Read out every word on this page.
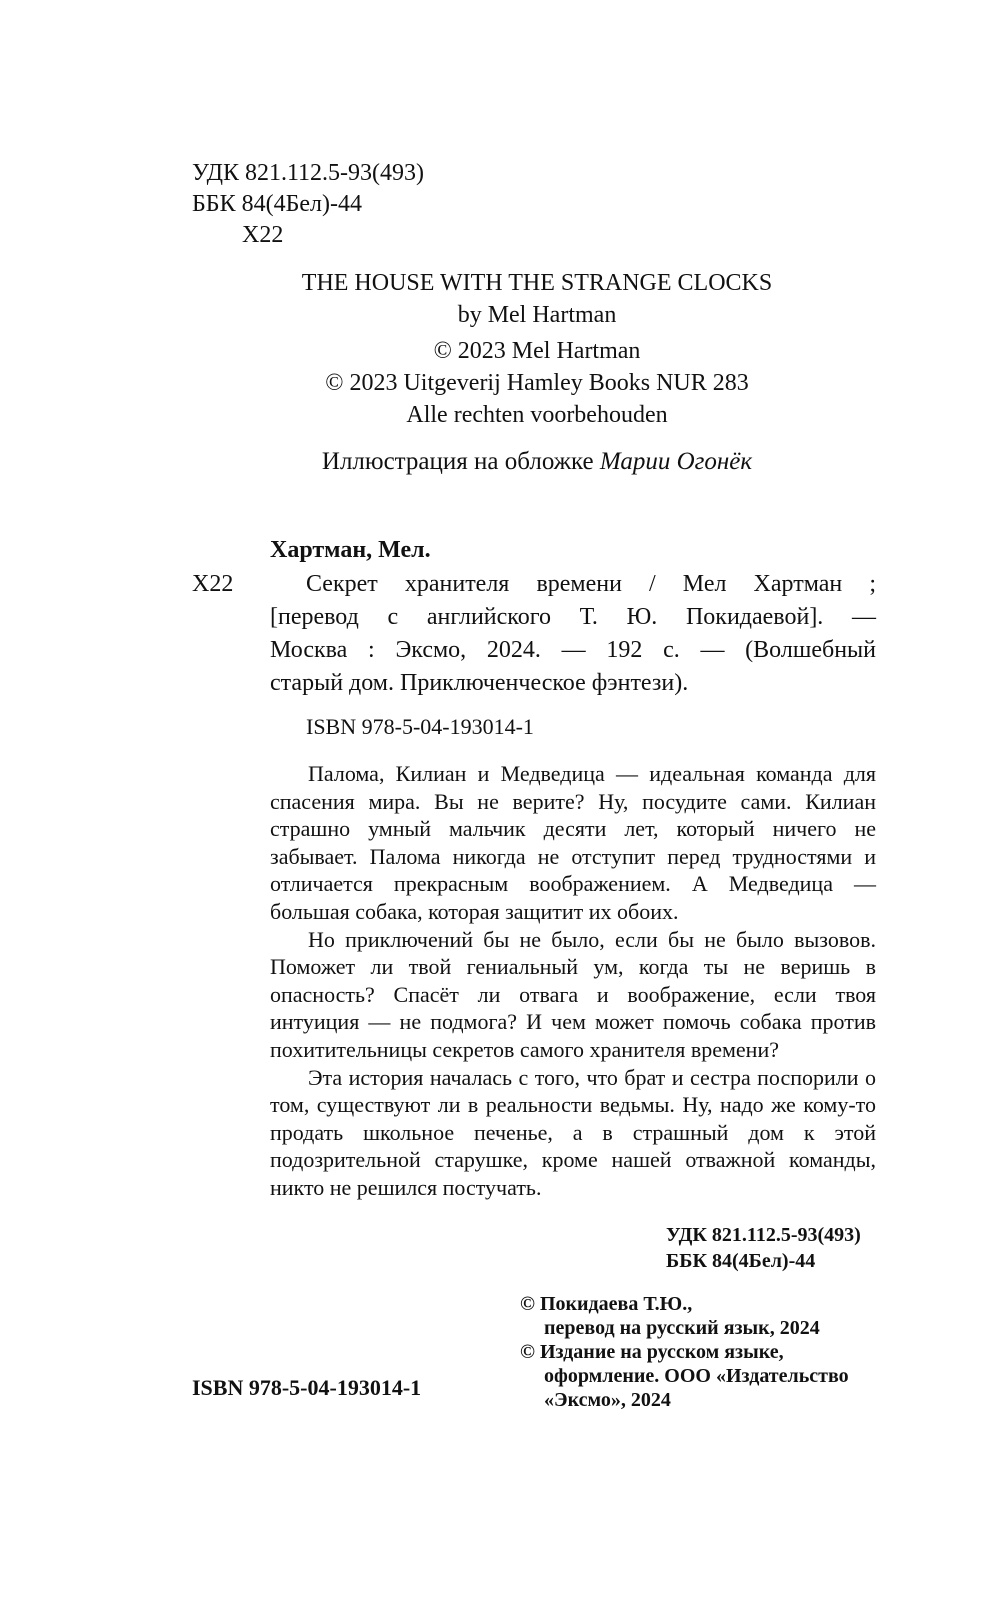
УДК 821.112.5-93(493)
ББК 84(4Бел)-44
Х22
THE HOUSE WITH THE STRANGE CLOCKS
by Mel Hartman
© 2023 Mel Hartman
© 2023 Uitgeverij Hamley Books NUR 283
Alle rechten voorbehouden
Иллюстрация на обложке Марии Огонёк
Хартман, Мел.
Х22	Секрет хранителя времени / Мел Хартман ;
[перевод с английского Т. Ю. Покидаевой]. —
Москва : Эксмо, 2024. — 192 с. — (Волшебный
старый дом. Приключенческое фэнтези).
ISBN 978-5-04-193014-1

Палома, Килиан и Медведица — идеальная команда для спасения мира. Вы не верите? Ну, посудите сами. Килиан страшно умный мальчик десяти лет, который ничего не забывает. Палома никогда не отступит перед трудностями и отличается прекрасным воображением. А Медведица — большая собака, которая защитит их обоих.

Но приключений бы не было, если бы не было вызовов. Поможет ли твой гениальный ум, когда ты не веришь в опасность? Спасёт ли отвага и воображение, если твоя интуиция — не подмога? И чем может помочь собака против похитительницы секретов самого хранителя времени?

Эта история началась с того, что брат и сестра поспорили о том, существуют ли в реальности ведьмы. Ну, надо же кому-то продать школьное печенье, а в страшный дом к этой подозрительной старушке, кроме нашей отважной команды, никто не решился постучать.

УДК 821.112.5-93(493)
ББК 84(4Бел)-44
© Покидаева Т.Ю.,
перевод на русский язык, 2024
© Издание на русском языке,
оформление. ООО «Издательство
«Эксмо», 2024
ISBN 978-5-04-193014-1
